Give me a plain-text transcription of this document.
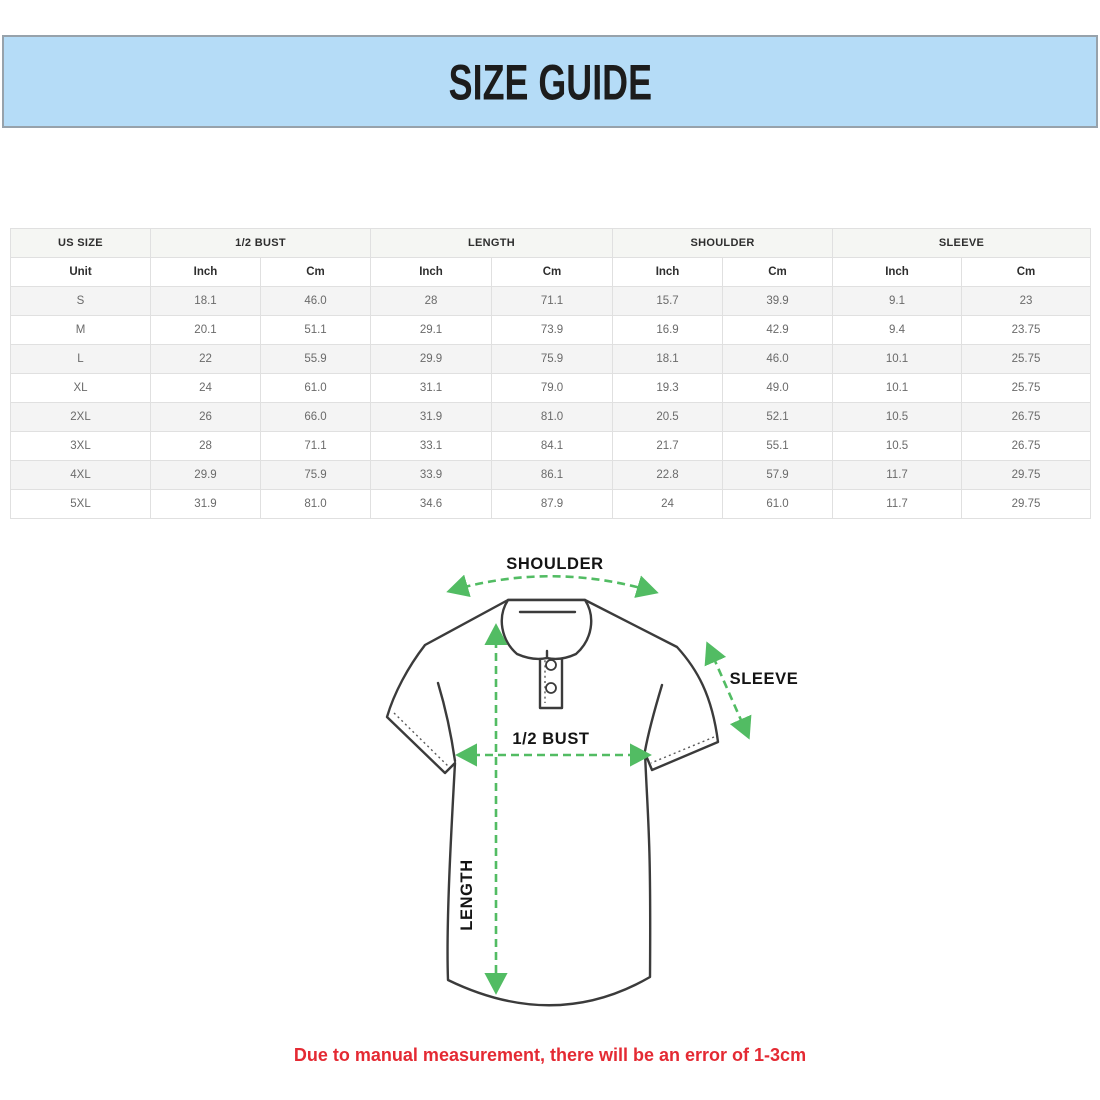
SIZE GUIDE
US SIZE	1/2 BUST		LENGTH		SHOULDER		SLEEVE	
Unit	Inch	Cm	Inch	Cm	Inch	Cm	Inch	Cm
S	18.1	46.0	28	71.1	15.7	39.9	9.1	23
M	20.1	51.1	29.1	73.9	16.9	42.9	9.4	23.75
L	22	55.9	29.9	75.9	18.1	46.0	10.1	25.75
XL	24	61.0	31.1	79.0	19.3	49.0	10.1	25.75
2XL	26	66.0	31.9	81.0	20.5	52.1	10.5	26.75
3XL	28	71.1	33.1	84.1	21.7	55.1	10.5	26.75
4XL	29.9	75.9	33.9	86.1	22.8	57.9	11.7	29.75
5XL	31.9	81.0	34.6	87.9	24	61.0	11.7	29.75
SHOULDER
SLEEVE
1/2 BUST
LENGTH

Due to manual measurement, there will be an error of 1-3cm
